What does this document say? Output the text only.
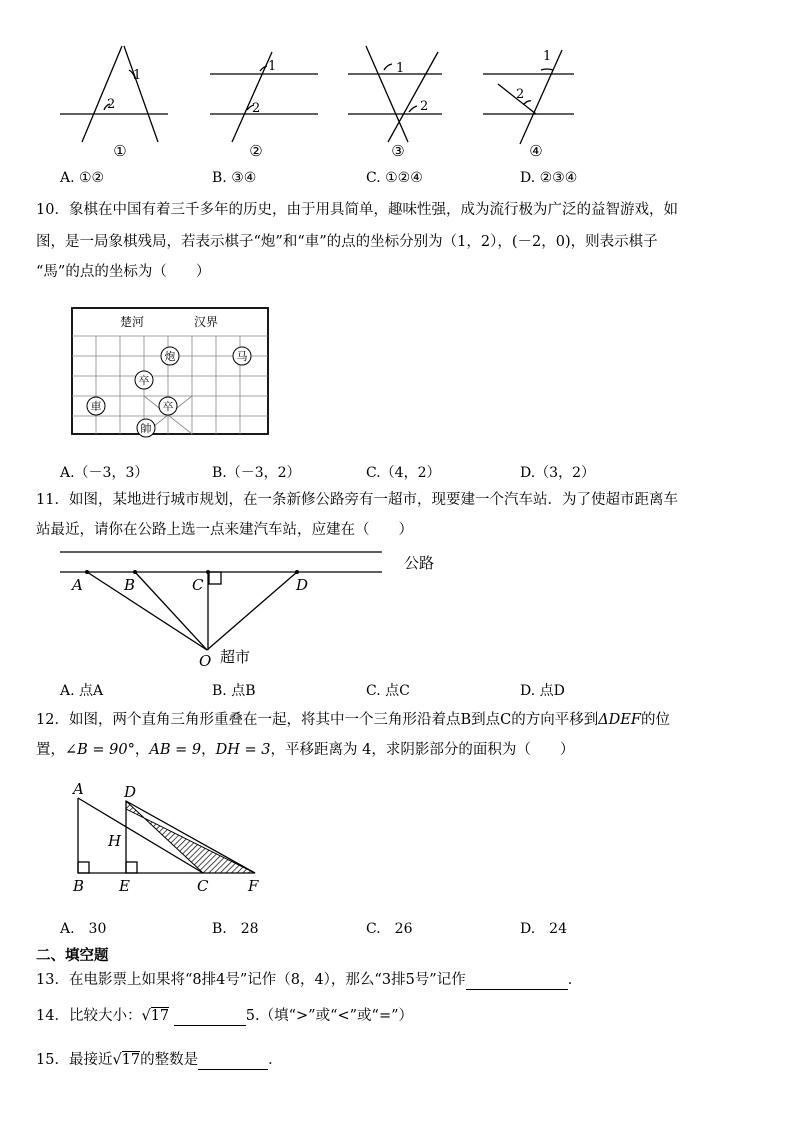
1
2
1
2
1
2
1
2
①	②	③	④
A. ①②	B. ③④	C. ①②④	D. ②③④
10．象棋在中国有着三千多年的历史，由于用具简单，趣味性强，成为流行极为广泛的益智游戏，如
图，是一局象棋残局，若表示棋子“炮”和“車”的点的坐标分别为（1，2），(－2，0)，则表示棋子
“馬”的点的坐标为（　　）
楚河	汉界
炮	马
卒
卒
車
帥
A.（－3，3）	B.（－3，2）	C.（4，2）	D.（3，2）
11．如图，某地进行城市规划，在一条新修公路旁有一超市，现要建一个汽车站．为了使超市距离车
站最近，请你在公路上选一点来建汽车站，应建在（　　）
A	B	C	D
O
公路
超市
A. 点A	B. 点B	C. 点C	D. 点D
12．如图，两个直角三角形重叠在一起，将其中一个三角形沿着点B到点C的方向平移到ΔDEF的位
置，∠B = 90°，AB = 9，DH = 3，平移距离为 4，求阴影部分的面积为（　　）
A	D
H
B E	C	F
A.　30	B.　28	C.　26	D.　24
二、填空题
13．在电影票上如果将“8排4号”记作（8，4），那么“3排5号”记作	．
14．比较大小：√17	5.（填“>”或“<”或“=”）
15．最接近√17的整数是	．
